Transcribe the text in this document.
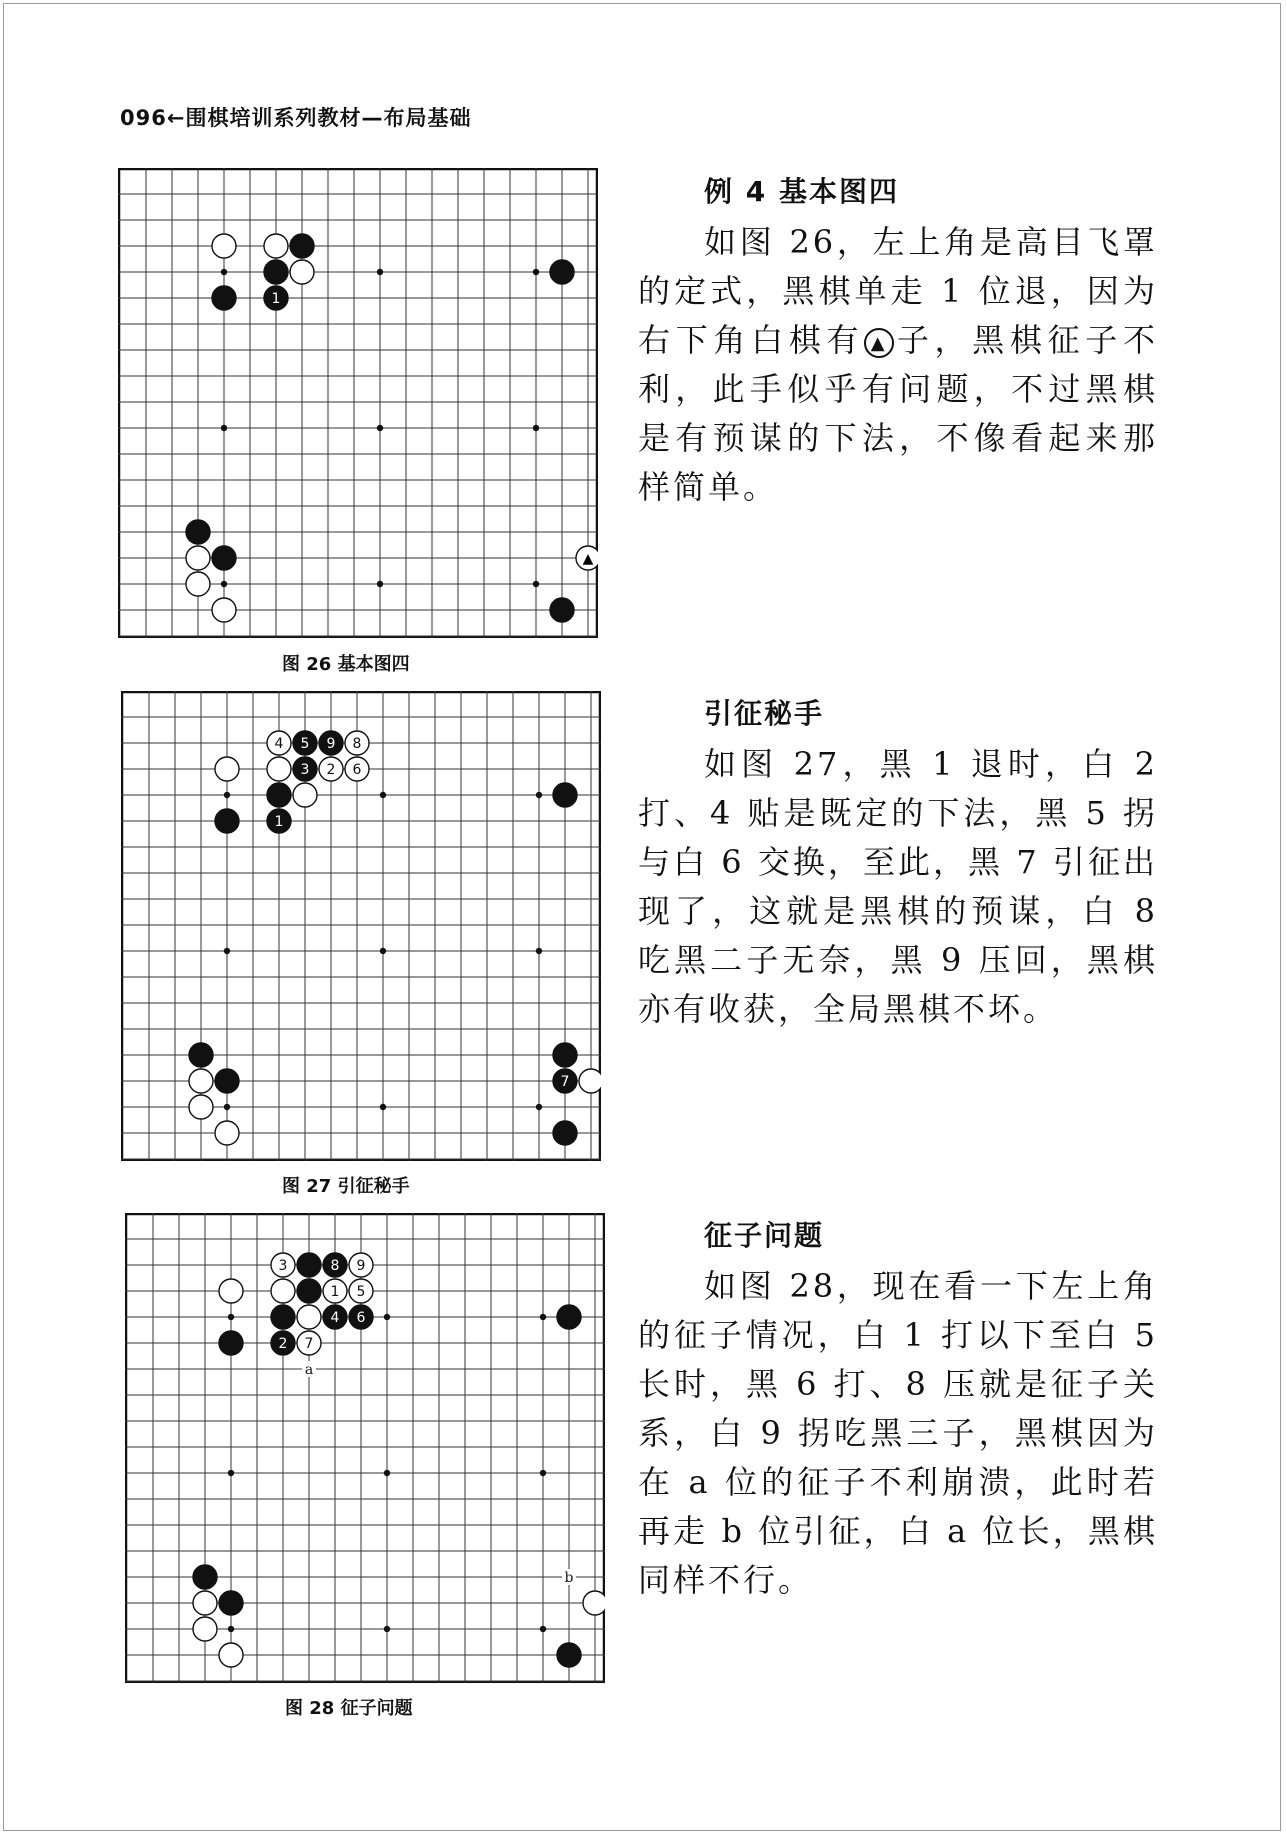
096←围棋培训系列教材—布局基础
1
▲
图 26 基本图四
4 5 9 8
3 2 6
1
7
图 27 引征秘手
3	8 9
1 5
4 6
2 7
a
b
图 28 征子问题
例 4 基本图四

如图 26，左上角是高目飞罩的定式，黑棋单走 1 位退，因为右下角白棋有 ▲ 子，黑棋征子不利，此手似乎有问题，不过黑棋是有预谋的下法，不像看起来那样简单。

引征秘手

如图 27，黑 1 退时，白 2 打、4 贴是既定的下法，黑 5 拐与白 6 交换，至此，黑 7 引征出现了，这就是黑棋的预谋，白 8 吃黑二子无奈，黑 9 压回，黑棋亦有收获，全局黑棋不坏。

征子问题

如图 28，现在看一下左上角的征子情况，白 1 打以下至白 5 长时，黑 6 打、8 压就是征子关系，白 9 拐吃黑三子，黑棋因为在 a 位的征子不利崩溃，此时若再走 b 位引征，白 a 位长，黑棋同样不行。
